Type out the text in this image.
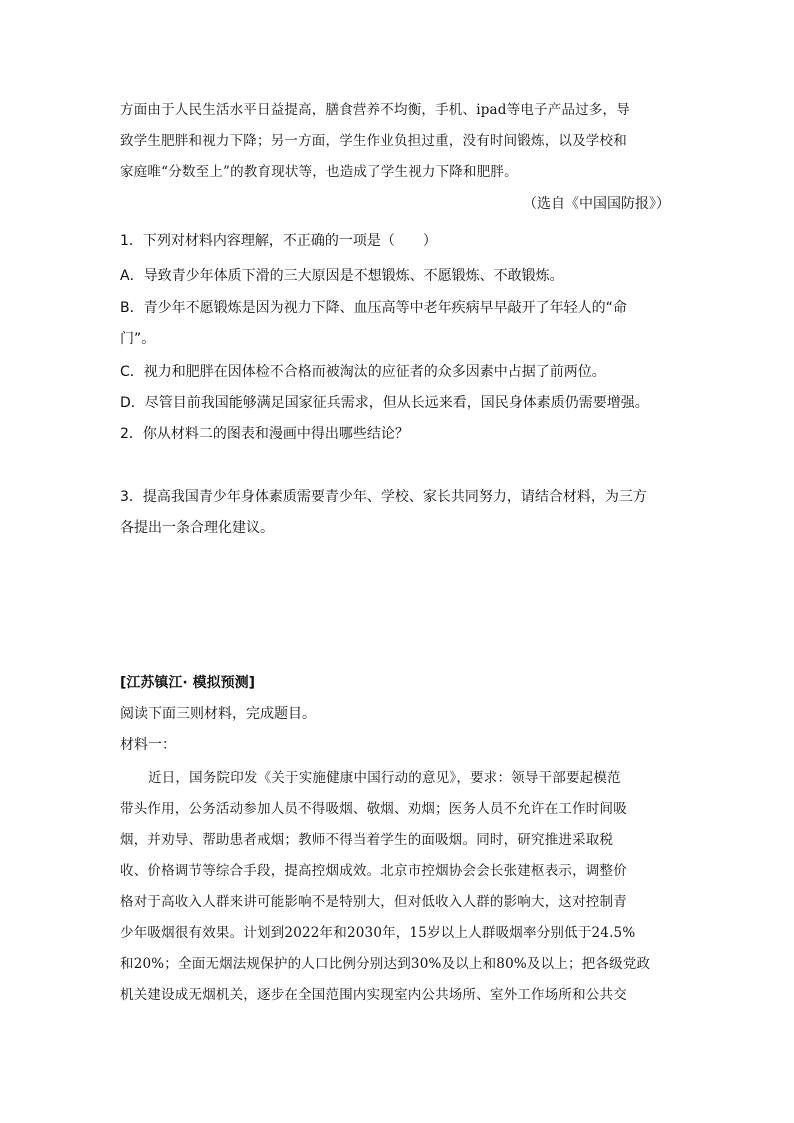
方面由于人民生活水平日益提高，膳食营养不均衡，手机、ipad等电子产品过多，导
致学生肥胖和视力下降；另一方面，学生作业负担过重，没有时间锻炼，以及学校和
家庭唯“分数至上”的教育现状等，也造成了学生视力下降和肥胖。
（选自《中国国防报》）
1．下列对材料内容理解，不正确的一项是（　　）
A．导致青少年体质下滑的三大原因是不想锻炼、不愿锻炼、不敢锻炼。
B．青少年不愿锻炼是因为视力下降、血压高等中老年疾病早早敲开了年轻人的“命
门”。
C．视力和肥胖在因体检不合格而被淘汰的应征者的众多因素中占据了前两位。
D．尽管目前我国能够满足国家征兵需求，但从长远来看，国民身体素质仍需要增强。
2．你从材料二的图表和漫画中得出哪些结论？
3．提高我国青少年身体素质需要青少年、学校、家长共同努力，请结合材料，为三方
各提出一条合理化建议。
[江苏镇江· 模拟预测]
阅读下面三则材料，完成题目。
材料一：
近日，国务院印发《关于实施健康中国行动的意见》，要求：领导干部要起模范
带头作用，公务活动参加人员不得吸烟、敬烟、劝烟；医务人员不允许在工作时间吸
烟，并劝导、帮助患者戒烟；教师不得当着学生的面吸烟。同时，研究推进采取税
收、价格调节等综合手段，提高控烟成效。北京市控烟协会会长张建枢表示，调整价
格对于高收入人群来讲可能影响不是特别大，但对低收入人群的影响大，这对控制青
少年吸烟很有效果。计划到2022年和2030年，15岁以上人群吸烟率分别低于24.5%
和20%；全面无烟法规保护的人口比例分别达到30%及以上和80%及以上；把各级党政
机关建设成无烟机关，逐步在全国范围内实现室内公共场所、室外工作场所和公共交
